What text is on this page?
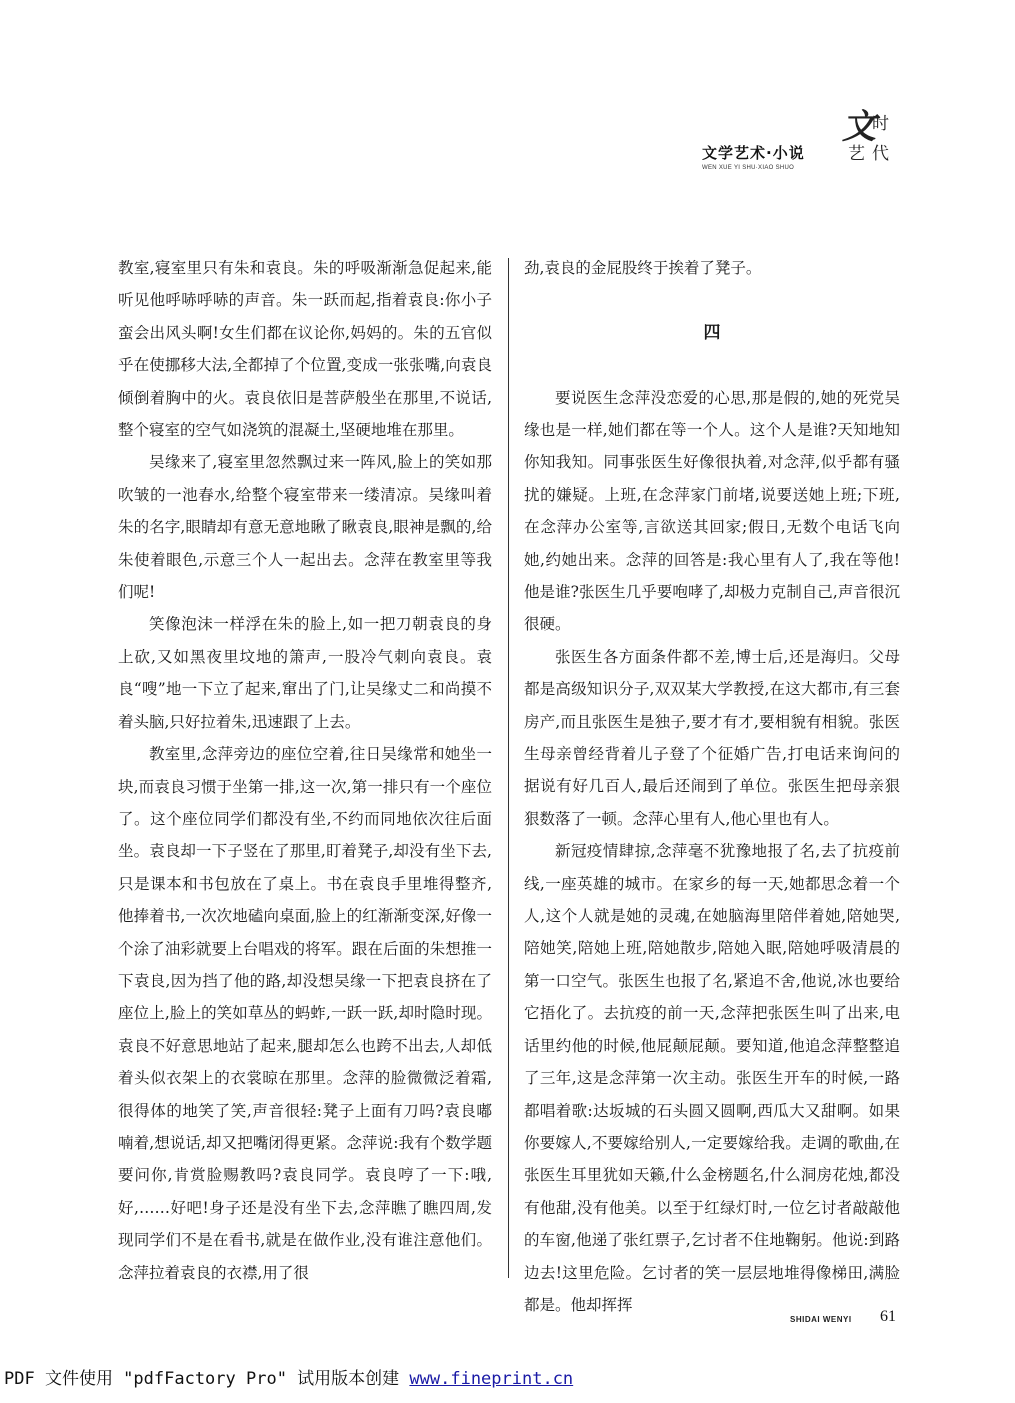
文学艺术·小说
WEN XUE YI SHU·XIAO SHUO
文
时
艺 代

教室,寝室里只有朱和袁良。朱的呼吸渐渐急促起来,能听见他呼哧呼哧的声音。朱一跃而起,指着袁良:你小子蛮会出风头啊!女生们都在议论你,妈妈的。朱的五官似乎在使挪移大法,全都掉了个位置,变成一张张嘴,向袁良倾倒着胸中的火。袁良依旧是菩萨般坐在那里,不说话,整个寝室的空气如浇筑的混凝土,坚硬地堆在那里。

吴缘来了,寝室里忽然飘过来一阵风,脸上的笑如那吹皱的一池春水,给整个寝室带来一缕清凉。吴缘叫着朱的名字,眼睛却有意无意地瞅了瞅袁良,眼神是飘的,给朱使着眼色,示意三个人一起出去。念萍在教室里等我们呢!

笑像泡沫一样浮在朱的脸上,如一把刀朝袁良的身上砍,又如黑夜里坟地的箫声,一股冷气刺向袁良。袁良“嗖”地一下立了起来,窜出了门,让吴缘丈二和尚摸不着头脑,只好拉着朱,迅速跟了上去。

教室里,念萍旁边的座位空着,往日吴缘常和她坐一块,而袁良习惯于坐第一排,这一次,第一排只有一个座位了。这个座位同学们都没有坐,不约而同地依次往后面坐。袁良却一下子竖在了那里,盯着凳子,却没有坐下去,只是课本和书包放在了桌上。书在袁良手里堆得整齐,他捧着书,一次次地磕向桌面,脸上的红渐渐变深,好像一个涂了油彩就要上台唱戏的将军。跟在后面的朱想推一下袁良,因为挡了他的路,却没想吴缘一下把袁良挤在了座位上,脸上的笑如草丛的蚂蚱,一跃一跃,却时隐时现。袁良不好意思地站了起来,腿却怎么也跨不出去,人却低着头似衣架上的衣裳晾在那里。念萍的脸微微泛着霜,很得体的地笑了笑,声音很轻:凳子上面有刀吗?袁良嘟喃着,想说话,却又把嘴闭得更紧。念萍说:我有个数学题要问你,肯赏脸赐教吗?袁良同学。袁良哼了一下:哦,好,……好吧!身子还是没有坐下去,念萍瞧了瞧四周,发现同学们不是在看书,就是在做作业,没有谁注意他们。念萍拉着袁良的衣襟,用了很

劲,袁良的金屁股终于挨着了凳子。

四

要说医生念萍没恋爱的心思,那是假的,她的死党吴缘也是一样,她们都在等一个人。这个人是谁?天知地知你知我知。同事张医生好像很执着,对念萍,似乎都有骚扰的嫌疑。上班,在念萍家门前堵,说要送她上班;下班,在念萍办公室等,言欲送其回家;假日,无数个电话飞向她,约她出来。念萍的回答是:我心里有人了,我在等他!他是谁?张医生几乎要咆哮了,却极力克制自己,声音很沉很硬。

张医生各方面条件都不差,博士后,还是海归。父母都是高级知识分子,双双某大学教授,在这大都市,有三套房产,而且张医生是独子,要才有才,要相貌有相貌。张医生母亲曾经背着儿子登了个征婚广告,打电话来询问的据说有好几百人,最后还闹到了单位。张医生把母亲狠狠数落了一顿。念萍心里有人,他心里也有人。

新冠疫情肆掠,念萍毫不犹豫地报了名,去了抗疫前线,一座英雄的城市。在家乡的每一天,她都思念着一个人,这个人就是她的灵魂,在她脑海里陪伴着她,陪她哭,陪她笑,陪她上班,陪她散步,陪她入眠,陪她呼吸清晨的第一口空气。张医生也报了名,紧追不舍,他说,冰也要给它捂化了。去抗疫的前一天,念萍把张医生叫了出来,电话里约他的时候,他屁颠屁颠。要知道,他追念萍整整追了三年,这是念萍第一次主动。张医生开车的时候,一路都唱着歌:达坂城的石头圆又圆啊,西瓜大又甜啊。如果你要嫁人,不要嫁给别人,一定要嫁给我。走调的歌曲,在张医生耳里犹如天籁,什么金榜题名,什么洞房花烛,都没有他甜,没有他美。以至于红绿灯时,一位乞讨者敲敲他的车窗,他递了张红票子,乞讨者不住地鞠躬。他说:到路边去!这里危险。乞讨者的笑一层层地堆得像梯田,满脸都是。他却挥挥

SHIDAI WENYI 61
PDF 文件使用 "pdfFactory Pro" 试用版本创建 www.fineprint.cn
